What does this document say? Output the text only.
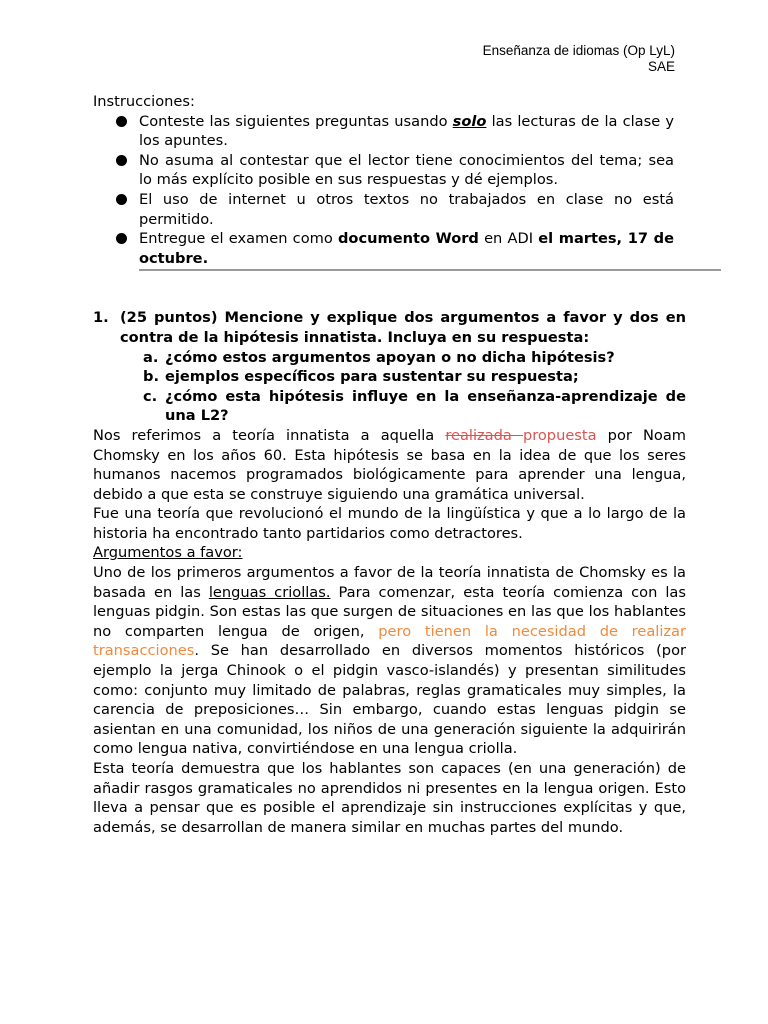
Enseñanza de idiomas (Op LyL)
SAE

Instrucciones:

Conteste las siguientes preguntas usando solo las lecturas de la clase y los apuntes.
No asuma al contestar que el lector tiene conocimientos del tema; sea lo más explícito posible en sus respuestas y dé ejemplos.
El uso de internet u otros textos no trabajados en clase no está permitido.
Entregue el examen como documento Word en ADI el martes, 17 de octubre.
1. (25 puntos) Mencione y explique dos argumentos a favor y dos en contra de la hipótesis innatista. Incluya en su respuesta:
a. ¿cómo estos argumentos apoyan o no dicha hipótesis?
b. ejemplos específicos para sustentar su respuesta;
c. ¿cómo esta hipótesis influye en la enseñanza-aprendizaje de una L2?

Nos referimos a teoría innatista a aquella realizada propuesta por Noam Chomsky en los años 60. Esta hipótesis se basa en la idea de que los seres humanos nacemos programados biológicamente para aprender una lengua, debido a que esta se construye siguiendo una gramática universal.

Fue una teoría que revolucionó el mundo de la lingüística y que a lo largo de la historia ha encontrado tanto partidarios como detractores.

Argumentos a favor:

Uno de los primeros argumentos a favor de la teoría innatista de Chomsky es la basada en las lenguas criollas. Para comenzar, esta teoría comienza con las lenguas pidgin. Son estas las que surgen de situaciones en las que los hablantes no comparten lengua de origen, pero tienen la necesidad de realizar transacciones. Se han desarrollado en diversos momentos históricos (por ejemplo la jerga Chinook o el pidgin vasco-islandés) y presentan similitudes como: conjunto muy limitado de palabras, reglas gramaticales muy simples, la carencia de preposiciones… Sin embargo, cuando estas lenguas pidgin se asientan en una comunidad, los niños de una generación siguiente la adquirirán como lengua nativa, convirtiéndose en una lengua criolla.

Esta teoría demuestra que los hablantes son capaces (en una generación) de añadir rasgos gramaticales no aprendidos ni presentes en la lengua origen. Esto lleva a pensar que es posible el aprendizaje sin instrucciones explícitas y que, además, se desarrollan de manera similar en muchas partes del mundo.
